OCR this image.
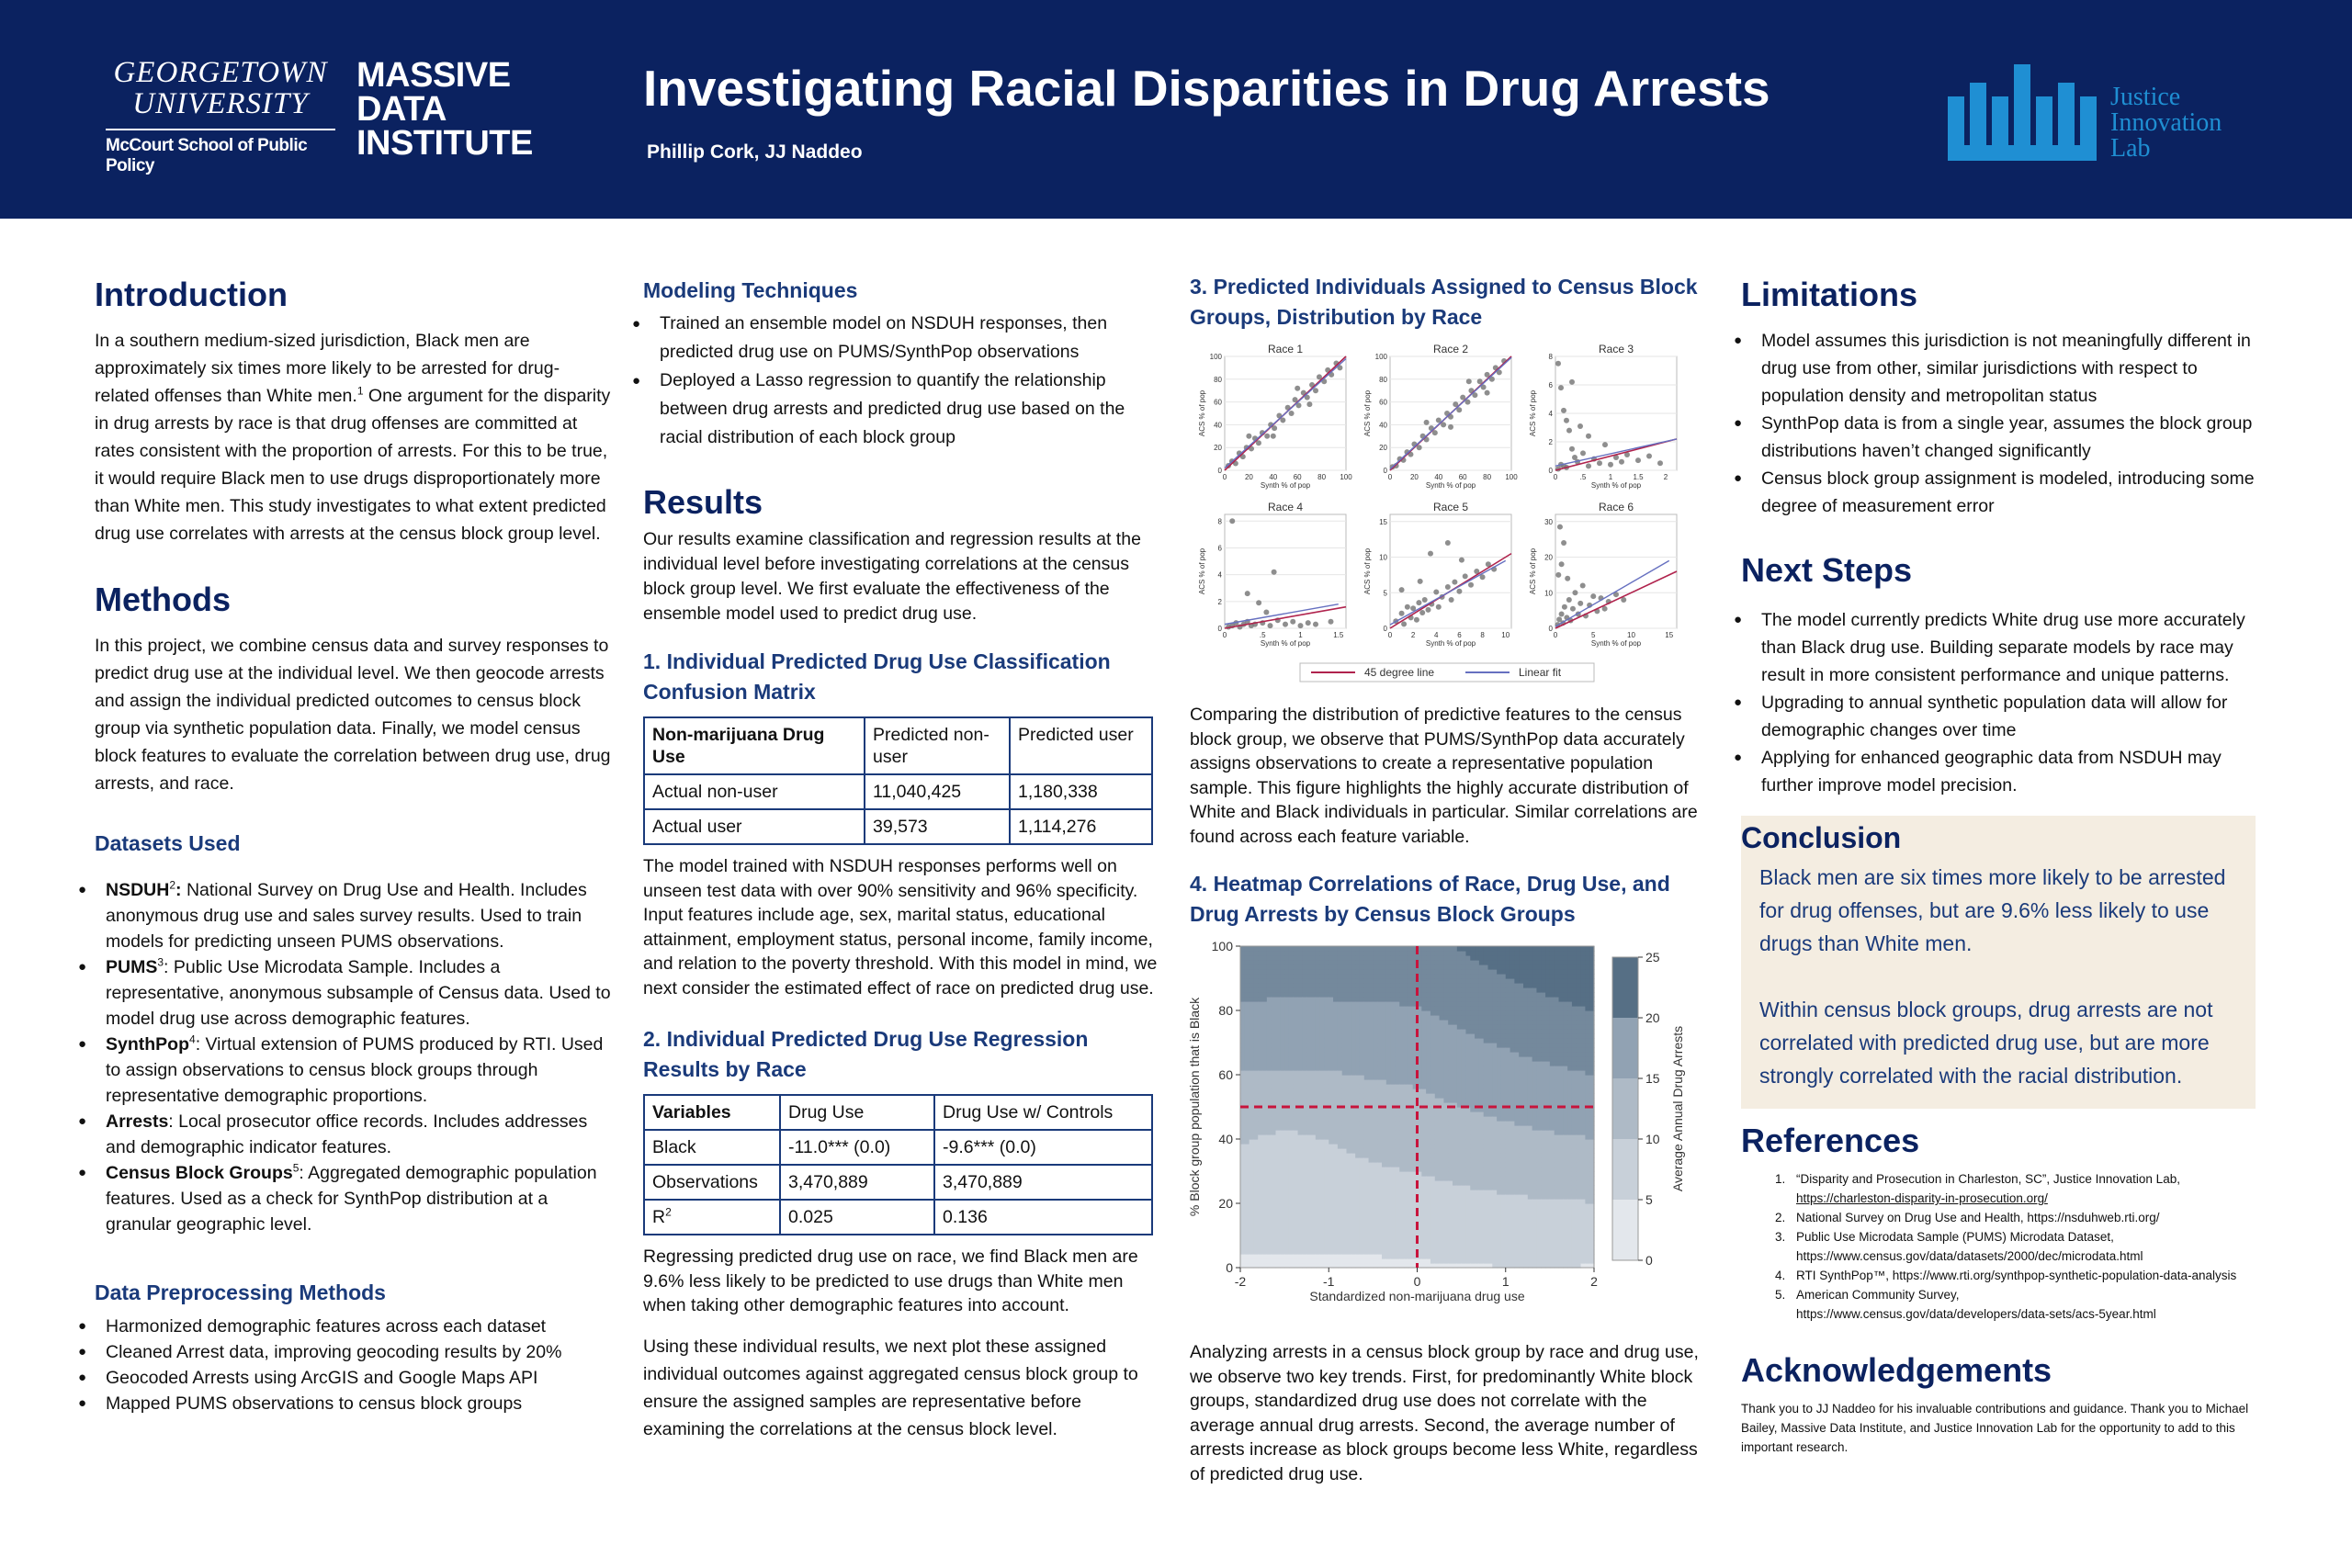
GEORGETOWN
UNIVERSITY
McCourt School of Public Policy
MASSIVE
DATA
INSTITUTE
Investigating Racial Disparities in Drug Arrests
Phillip Cork, JJ Naddeo
Justice
Innovation
Lab
Introduction
In a southern medium-sized jurisdiction, Black men are approximately six times more likely to be arrested for drug-related offenses than White men.$^1$ One argument for the disparity in drug arrests by race is that drug offenses are committed at rates consistent with the proportion of arrests. For this to be true, it would require Black men to use drugs disproportionately more than White men. This study investigates to what extent predicted drug use correlates with arrests at the census block group level.
Methods
In this project, we combine census data and survey responses to predict drug use at the individual level. We then geocode arrests and assign the individual predicted outcomes to census block group via synthetic population data. Finally, we model census block features to evaluate the correlation between drug use, drug arrests, and race.
Datasets Used
● NSDUH$^2$: National Survey on Drug Use and Health. Includes anonymous drug use and sales survey results. Used to train models for predicting unseen PUMS observations.
● PUMS$^3$: Public Use Microdata Sample. Includes a representative, anonymous subsample of Census data. Used to model drug use across demographic features.
● SynthPop$^4$: Virtual extension of PUMS produced by RTI. Used to assign observations to census block groups through representative demographic proportions.
● Arrests: Local prosecutor office records. Includes addresses and demographic indicator features.
● Census Block Groups$^5$: Aggregated demographic population features. Used as a check for SynthPop distribution at a granular geographic level.
Data Preprocessing Methods
● Harmonized demographic features across each dataset
● Cleaned Arrest data, improving geocoding results by 20%
● Geocoded Arrests using ArcGIS and Google Maps API
● Mapped PUMS observations to census block groups
Modeling Techniques
● Trained an ensemble model on NSDUH responses, then predicted drug use on PUMS/SynthPop observations
● Deployed a Lasso regression to quantify the relationship between drug arrests and predicted drug use based on the racial distribution of each block group
Results
Our results examine classification and regression results at the individual level before investigating correlations at the census block group level. We first evaluate the effectiveness of the ensemble model used to predict drug use.
1. Individual Predicted Drug Use Classification Confusion Matrix
Non-marijuana Drug Use	Predicted non-user	Predicted user
Actual non-user	11,040,425	1,180,338
Actual user	39,573	1,114,276
The model trained with NSDUH responses performs well on unseen test data with over 90% sensitivity and 96% specificity. Input features include age, sex, marital status, educational attainment, employment status, personal income, family income, and relation to the poverty threshold. With this model in mind, we next consider the estimated effect of race on predicted drug use.
2. Individual Predicted Drug Use Regression Results by Race
Variables	Drug Use	Drug Use w/ Controls
Black	-11.0*** (0.0)	-9.6*** (0.0)
Observations	3,470,889	3,470,889
$R^2$	0.025	0.136
Regressing predicted drug use on race, we find Black men are 9.6% less likely to be predicted to use drugs than White men when taking other demographic features into account.
Using these individual results, we next plot these assigned individual outcomes against aggregated census block group to ensure the assigned samples are representative before examining the correlations at the census block level.
3. Predicted Individuals Assigned to Census Block Groups, Distribution by Race
Race 1
0
20
40
60
80
100
0 20 40 60 80 100
Synth % of pop
ACS % of pop
Race 2
0
20
40
60
80
100
0 20 40 60 80 100
Synth % of pop
ACS % of pop
Race 3
0
2
4
6
8
0	.5	1	1.5	2
Synth % of pop
ACS % of pop
Race 4
0
2
4
6
8
0	.5	1	1.5
Synth % of pop
ACS % of pop
Race 5
0
5
10
15
0	2	4	6	8 10
Synth % of pop
ACS % of pop
Race 6
0
10
20
30
0	5	10	15
Synth % of pop
ACS % of pop
45 degree line	Linear fit
Comparing the distribution of predictive features to the census block group, we observe that PUMS/SynthPop data accurately assigns observations to create a representative population sample. This figure highlights the highly accurate distribution of White and Black individuals in particular. Similar correlations are found across each feature variable.
4. Heatmap Correlations of Race, Drug Use, and Drug Arrests by Census Block Groups
0
20
40
60
80
100
-2	-1	0	1	2
Standardized non-marijuana drug use
% Block group population that is Black
0
5
10
15
20
25
Average Annual Drug Arrests
Analyzing arrests in a census block group by race and drug use, we observe two key trends. First, for predominantly White block groups, standardized drug use does not correlate with the average annual drug arrests. Second, the average number of arrests increase as block groups become less White, regardless of predicted drug use.
Limitations
● Model assumes this jurisdiction is not meaningfully different in drug use from other, similar jurisdictions with respect to population density and metropolitan status
● SynthPop data is from a single year, assumes the block group distributions haven’t changed significantly
● Census block group assignment is modeled, introducing some degree of measurement error
Next Steps
● The model currently predicts White drug use more accurately than Black drug use. Building separate models by race may result in more consistent performance and unique patterns.
● Upgrading to annual synthetic population data will allow for demographic changes over time
● Applying for enhanced geographic data from NSDUH may further improve model precision.
Conclusion
Black men are six times more likely to be arrested for drug offenses, but are 9.6% less likely to use drugs than White men.
Within census block groups, drug arrests are not correlated with predicted drug use, but are more strongly correlated with the racial distribution.
References
1. “Disparity and Prosecution in Charleston, SC”, Justice Innovation Lab,
https://charleston-disparity-in-prosecution.org/
2. National Survey on Drug Use and Health, https://nsduhweb.rti.org/
3. Public Use Microdata Sample (PUMS) Microdata Dataset,
https://www.census.gov/data/datasets/2000/dec/microdata.html
4. RTI SynthPop™, https://www.rti.org/synthpop-synthetic-population-data-analysis
5. American Community Survey,
https://www.census.gov/data/developers/data-sets/acs-5year.html
Acknowledgements
Thank you to JJ Naddeo for his invaluable contributions and guidance. Thank you to Michael Bailey, Massive Data Institute, and Justice Innovation Lab for the opportunity to add to this important research.
